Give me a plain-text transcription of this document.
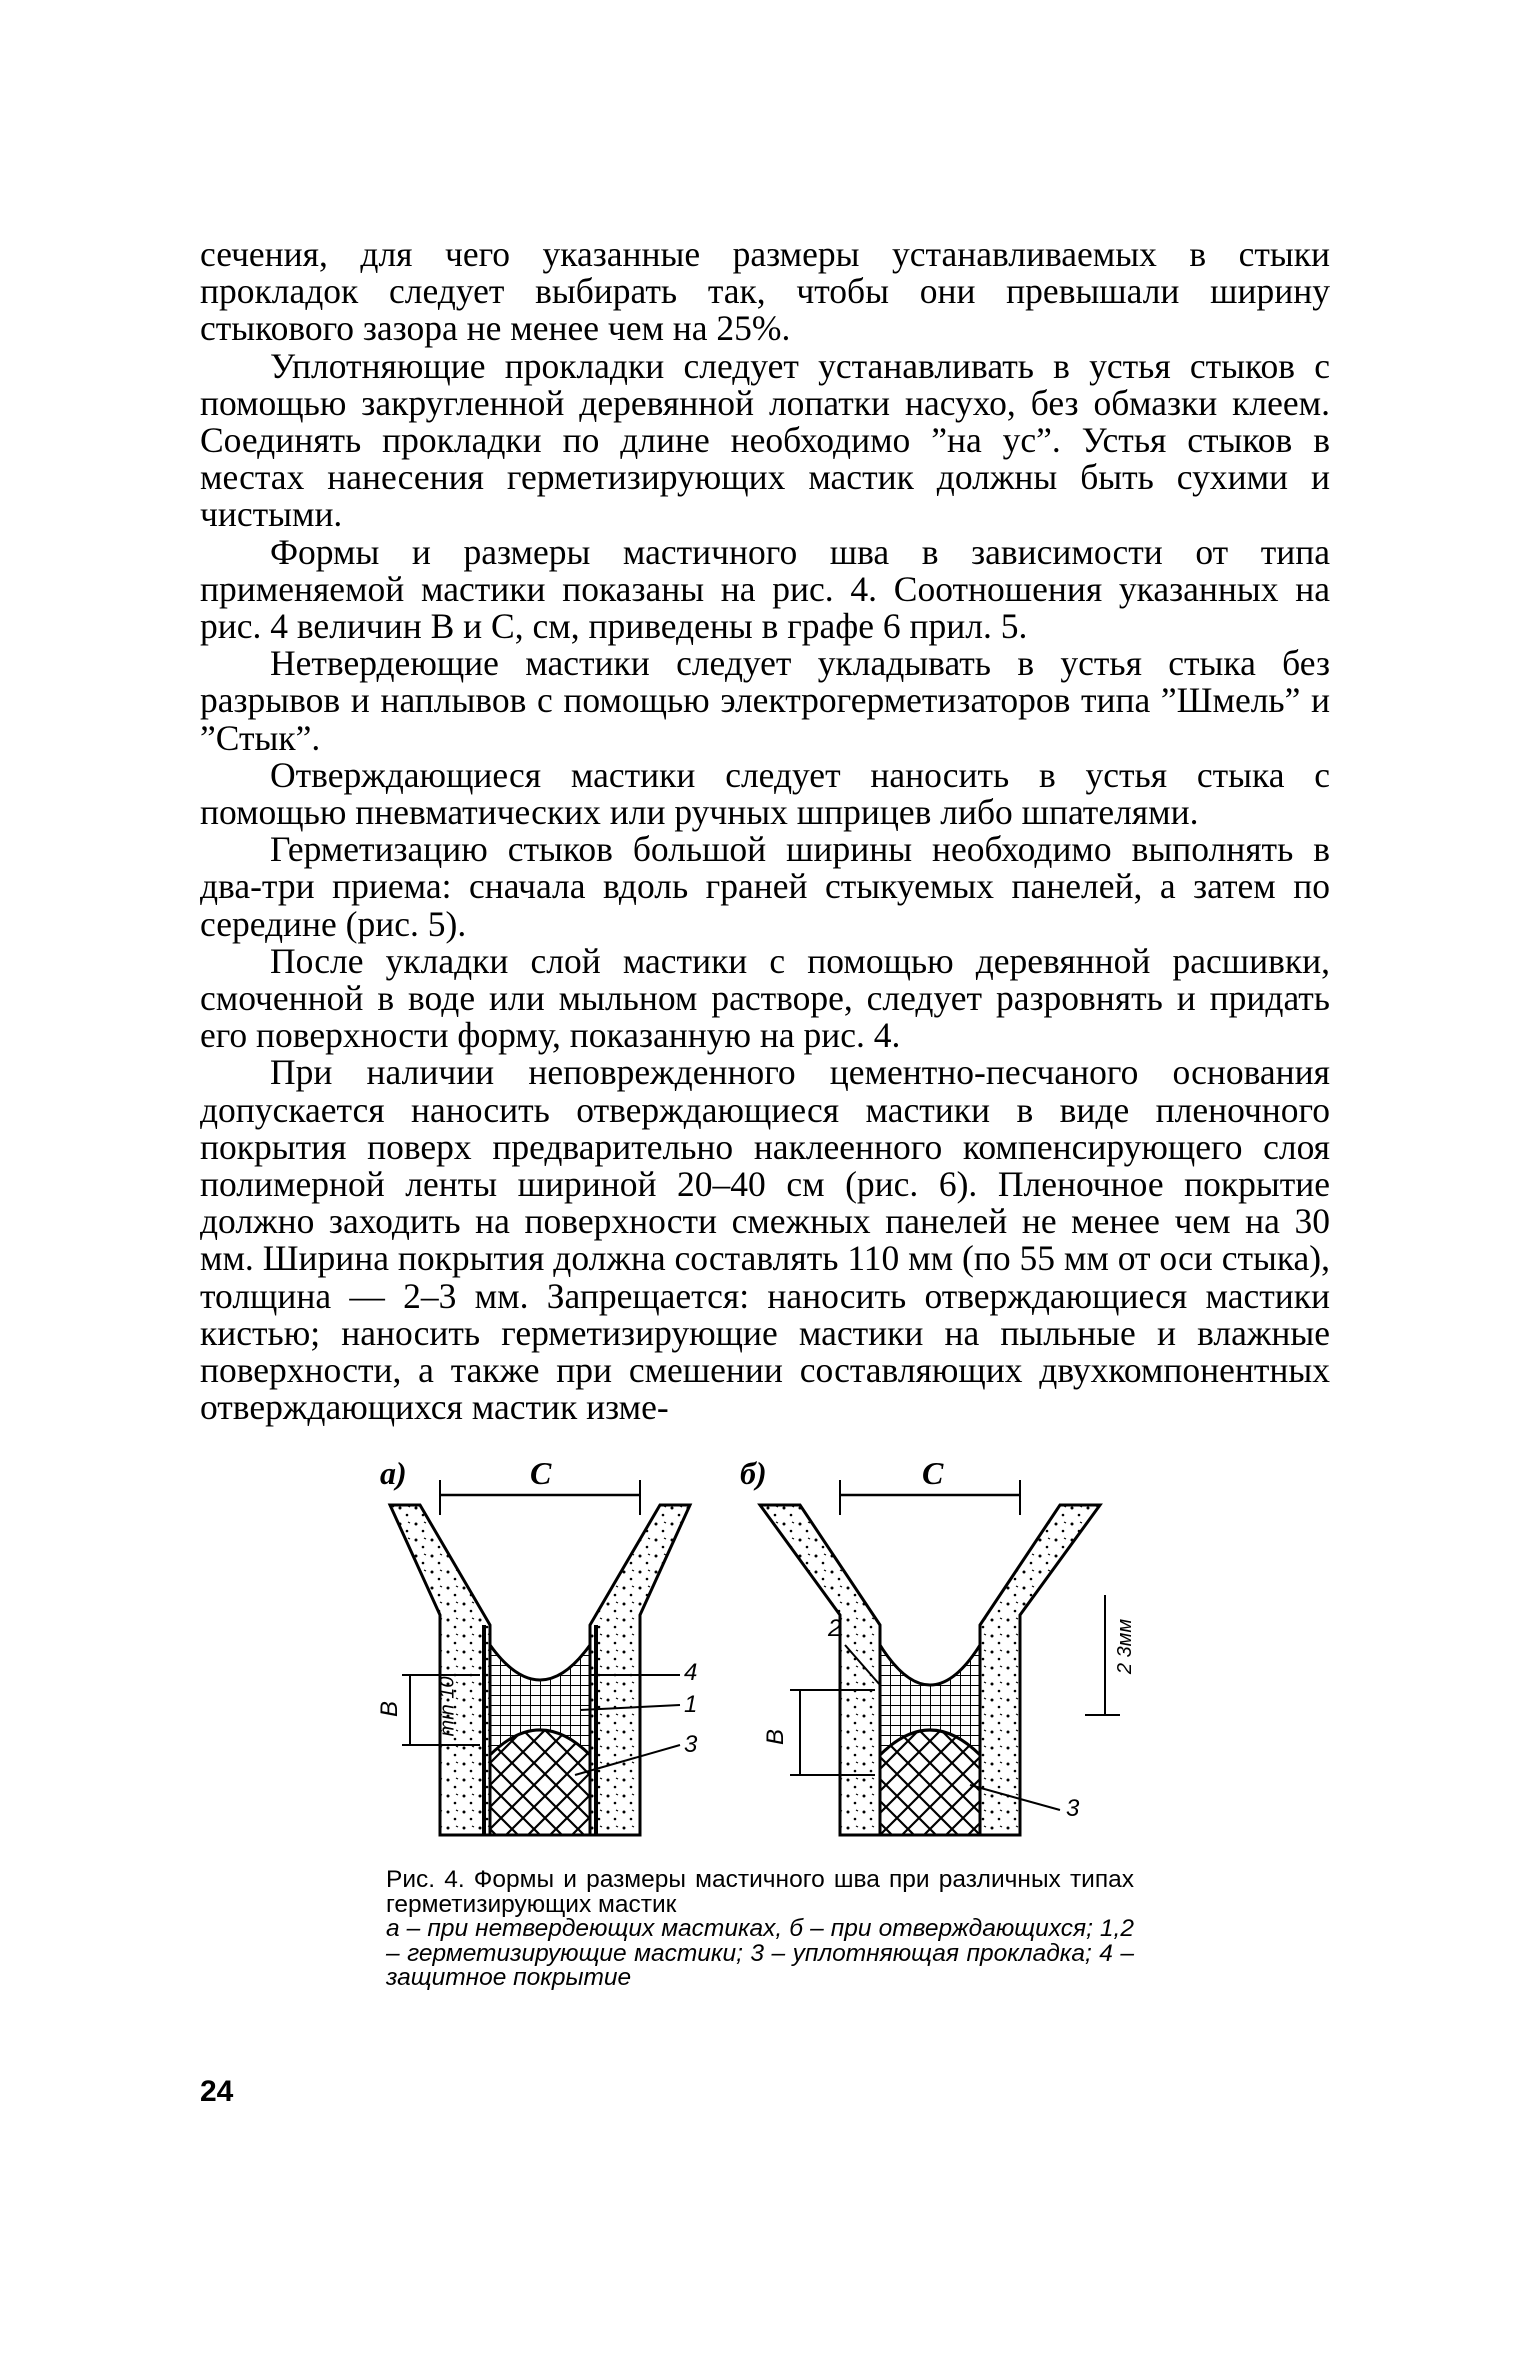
сечения, для чего указанные размеры устанавливаемых в стыки прокладок следует выбирать так, чтобы они превышали ширину стыкового зазора не менее чем на 25%.

Уплотняющие прокладки следует устанавливать в устья стыков с помощью закругленной деревянной лопатки насухо, без обмазки клеем. Соединять прокладки по длине необходимо ”на ус”. Устья стыков в местах нанесения герметизирующих мастик должны быть сухими и чистыми.

Формы и размеры мастичного шва в зависимости от типа применяемой мастики показаны на рис. 4. Соотношения указанных на рис. 4 величин B и C, см, приведены в графе 6 прил. 5.

Нетвердеющие мастики следует укладывать в устья стыка без разрывов и наплывов с помощью электрогерметизаторов типа ”Шмель” и ”Стык”.

Отверждающиеся мастики следует наносить в устья стыка с помощью пневматических или ручных шприцев либо шпателями.

Герметизацию стыков большой ширины необходимо выполнять в два-три приема: сначала вдоль граней стыкуемых панелей, а затем по середине (рис. 5).

После укладки слой мастики с помощью деревянной расшивки, смоченной в воде или мыльном растворе, следует разровнять и придать его поверхности форму, показанную на рис. 4.

При наличии неповрежденного цементно-песчаного основания допускается наносить отверждающиеся мастики в виде пленочного покрытия поверх предварительно наклеенного компенсирующего слоя полимерной ленты шириной 20–40 см (рис. 6). Пленочное покрытие должно заходить на поверхности смежных панелей не менее чем на 30 мм. Ширина покрытия должна составлять 110 мм (по 55 мм от оси стыка), толщина — 2–3 мм. Запрещается: наносить отверждающиеся мастики кистью; наносить герметизирующие мастики на пыльные и влажные поверхности, а также при смешении составляющих двухкомпонентных отверждающихся мастик изме-

а)	C
B min 10
4
1
3
б)	C
B
2 3мм
2
3

Рис. 4. Формы и размеры мастичного шва при различных типах герметизирующих мастик

а – при нетвердеющих мастиках, б – при отверждающихся; 1,2 – герметизирующие мастики; 3 – уплотняющая прокладка; 4 – защитное покрытие

24
